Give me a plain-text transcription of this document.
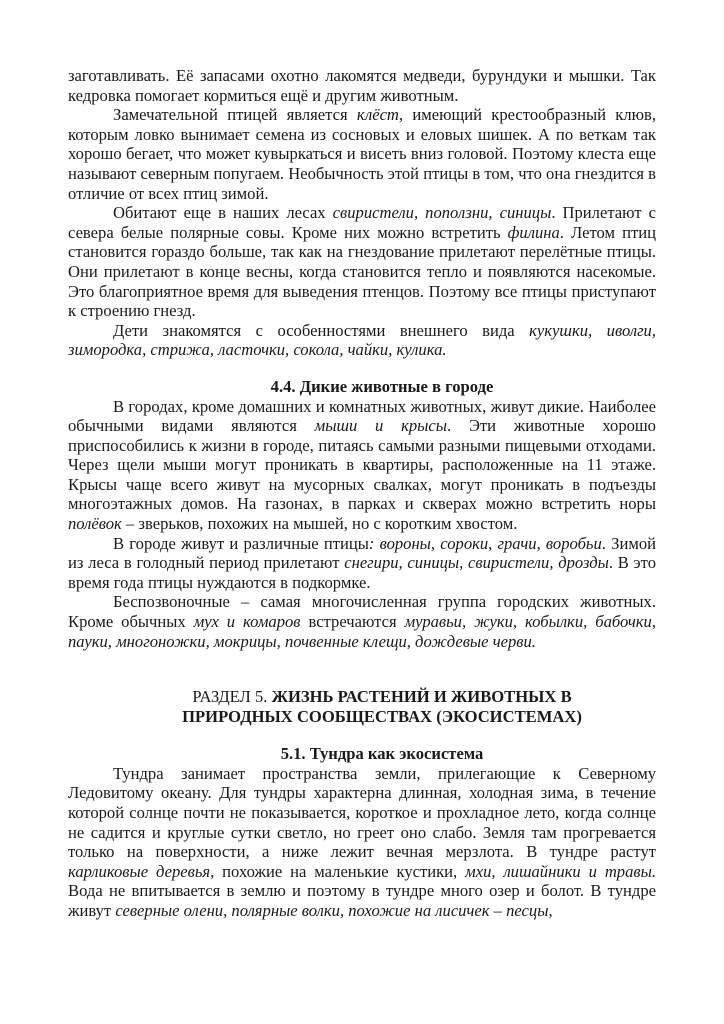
заготавливать. Её запасами охотно лакомятся медведи, бурундуки и мышки. Так кедровка помогает кормиться ещё и другим животным.

Замечательной птицей является клёст, имеющий крестообразный клюв, которым ловко вынимает семена из сосновых и еловых шишек. А по веткам так хорошо бегает, что может кувыркаться и висеть вниз головой. Поэтому клеста еще называют северным попугаем. Необычность этой птицы в том, что она гнездится в отличие от всех птиц зимой.

Обитают еще в наших лесах свиристели, поползни, синицы. Прилетают с севера белые полярные совы. Кроме них можно встретить филина. Летом птиц становится гораздо больше, так как на гнездование прилетают перелётные птицы. Они прилетают в конце весны, когда становится тепло и появляются насекомые. Это благоприятное время для выведения птенцов. Поэтому все птицы приступают к строению гнезд.

Дети знакомятся с особенностями внешнего вида кукушки, иволги, зимородка, стрижа, ласточки, сокола, чайки, кулика.

4.4. Дикие животные в городе

В городах, кроме домашних и комнатных животных, живут дикие. Наиболее обычными видами являются мыши и крысы. Эти животные хорошо приспособились к жизни в городе, питаясь самыми разными пищевыми отходами. Через щели мыши могут проникать в квартиры, расположенные на 11 этаже. Крысы чаще всего живут на мусорных свалках, могут проникать в подъезды многоэтажных домов. На газонах, в парках и скверах можно встретить норы полёвок – зверьков, похожих на мышей, но с коротким хвостом.

В городе живут и различные птицы: вороны, сороки, грачи, воробьи. Зимой из леса в голодный период прилетают снегири, синицы, свиристели, дрозды. В это время года птицы нуждаются в подкормке.

Беспозвоночные – самая многочисленная группа городских животных. Кроме обычных мух и комаров встречаются муравьи, жуки, кобылки, бабочки, пауки, многоножки, мокрицы, почвенные клещи, дождевые черви.

РАЗДЕЛ 5. ЖИЗНЬ РАСТЕНИЙ И ЖИВОТНЫХ В
ПРИРОДНЫХ СООБЩЕСТВАХ (ЭКОСИСТЕМАХ)
5.1. Тундра как экосистема

Тундра занимает пространства земли, прилегающие к Северному Ледовитому океану. Для тундры характерна длинная, холодная зима, в течение которой солнце почти не показывается, короткое и прохладное лето, когда солнце не садится и круглые сутки светло, но греет оно слабо. Земля там прогревается только на поверхности, а ниже лежит вечная мерзлота. В тундре растут карликовые деревья, похожие на маленькие кустики, мхи, лишайники и травы. Вода не впитывается в землю и поэтому в тундре много озер и болот. В тундре живут северные олени, полярные волки, похожие на лисичек – песцы,
